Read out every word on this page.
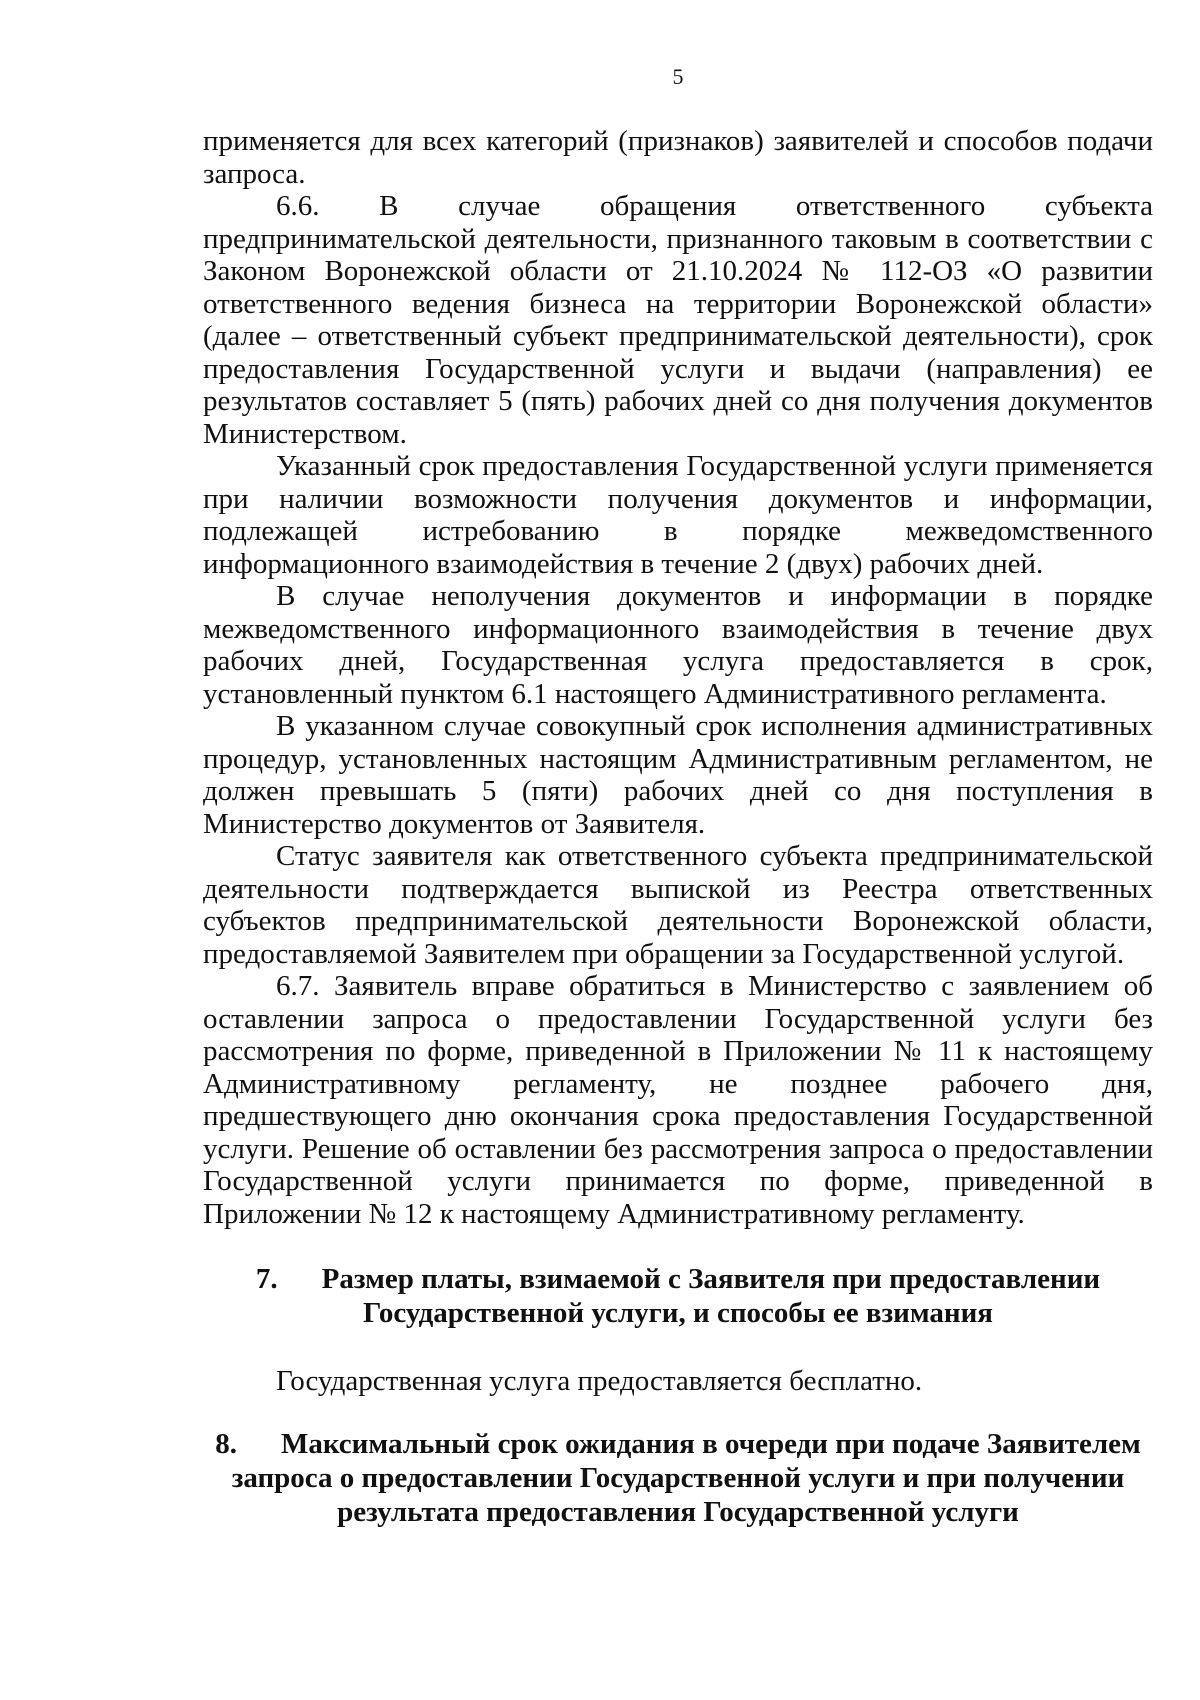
5

применяется для всех категорий (признаков) заявителей и способов подачи запроса.

6.6. В случае обращения ответственного субъекта предпринимательской деятельности, признанного таковым в соответствии с Законом Воронежской области от 21.10.2024 № 112-ОЗ «О развитии ответственного ведения бизнеса на территории Воронежской области» (далее – ответственный субъект предпринимательской деятельности), срок предоставления Государственной услуги и выдачи (направления) ее результатов составляет 5 (пять) рабочих дней со дня получения документов Министерством.

Указанный срок предоставления Государственной услуги применяется при наличии возможности получения документов и информации, подлежащей истребованию в порядке межведомственного информационного взаимодействия в течение 2 (двух) рабочих дней.

В случае неполучения документов и информации в порядке межведомственного информационного взаимодействия в течение двух рабочих дней, Государственная услуга предоставляется в срок, установленный пунктом 6.1 настоящего Административного регламента.

В указанном случае совокупный срок исполнения административных процедур, установленных настоящим Административным регламентом, не должен превышать 5 (пяти) рабочих дней со дня поступления в Министерство документов от Заявителя.

Статус заявителя как ответственного субъекта предпринимательской деятельности подтверждается выпиской из Реестра ответственных субъектов предпринимательской деятельности Воронежской области, предоставляемой Заявителем при обращении за Государственной услугой.

6.7. Заявитель вправе обратиться в Министерство с заявлением об оставлении запроса о предоставлении Государственной услуги без рассмотрения по форме, приведенной в Приложении № 11 к настоящему Административному регламенту, не позднее рабочего дня, предшествующего дню окончания срока предоставления Государственной услуги. Решение об оставлении без рассмотрения запроса о предоставлении Государственной услуги принимается по форме, приведенной в Приложении № 12 к настоящему Административному регламенту.

7. Размер платы, взимаемой с Заявителя при предоставлении
Государственной услуги, и способы ее взимания

Государственная услуга предоставляется бесплатно.

8. Максимальный срок ожидания в очереди при подаче Заявителем
запроса о предоставлении Государственной услуги и при получении
результата предоставления Государственной услуги
